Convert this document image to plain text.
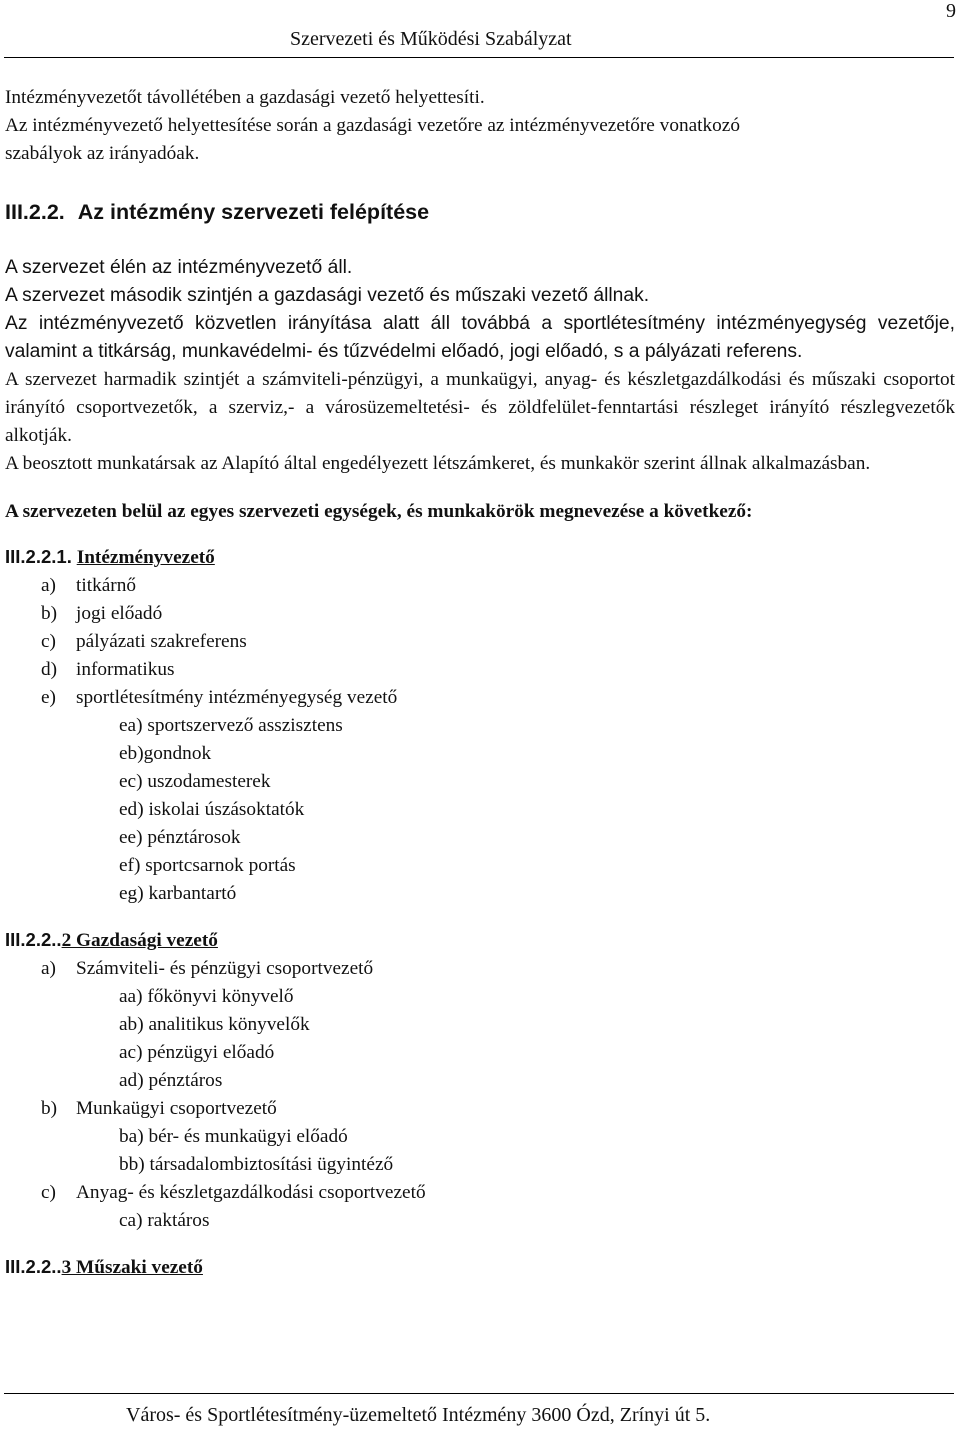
9
Szervezeti és Működési Szabályzat

Intézményvezetőt távollétében a gazdasági vezető helyettesíti.

Az intézményvezető helyettesítése során a gazdasági vezetőre az intézményvezetőre vonatkozó

szabályok az irányadóak.

III.2.2. Az intézmény szervezeti felépítése

A szervezet élén az intézményvezető áll.

A szervezet második szintjén a gazdasági vezető és műszaki vezető állnak.

Az intézményvezető közvetlen irányítása alatt áll továbbá a sportlétesítmény intézményegység vezetője, valamint a titkárság, munkavédelmi- és tűzvédelmi előadó, jogi előadó, s a pályázati referens.

A szervezet harmadik szintjét a számviteli-pénzügyi, a munkaügyi, anyag- és készletgazdálkodási és műszaki csoportot irányító csoportvezetők, a szerviz,- a városüzemeltetési- és zöldfelület-fenntartási részleget irányító részlegvezetők alkotják.

A beosztott munkatársak az Alapító által engedélyezett létszámkeret, és munkakör szerint állnak alkalmazásban.

A szervezeten belül az egyes szervezeti egységek, és munkakörök megnevezése a következő:

III.2.2.1. Intézményvezető

a) titkárnő

b) jogi előadó

c) pályázati szakreferens

d) informatikus

e) sportlétesítmény intézményegység vezető

ea) sportszervező asszisztens

eb)gondnok

ec) uszodamesterek

ed) iskolai úszásoktatók

ee) pénztárosok

ef) sportcsarnok portás

eg) karbantartó

III.2.2..2 Gazdasági vezető

a) Számviteli- és pénzügyi csoportvezető

aa) főkönyvi könyvelő

ab) analitikus könyvelők

ac) pénzügyi előadó

ad) pénztáros

b) Munkaügyi csoportvezető

ba) bér- és munkaügyi előadó

bb) társadalombiztosítási ügyintéző

c) Anyag- és készletgazdálkodási csoportvezető

ca) raktáros

III.2.2..3 Műszaki vezető

Város- és Sportlétesítmény-üzemeltető Intézmény 3600 Ózd, Zrínyi út 5.
